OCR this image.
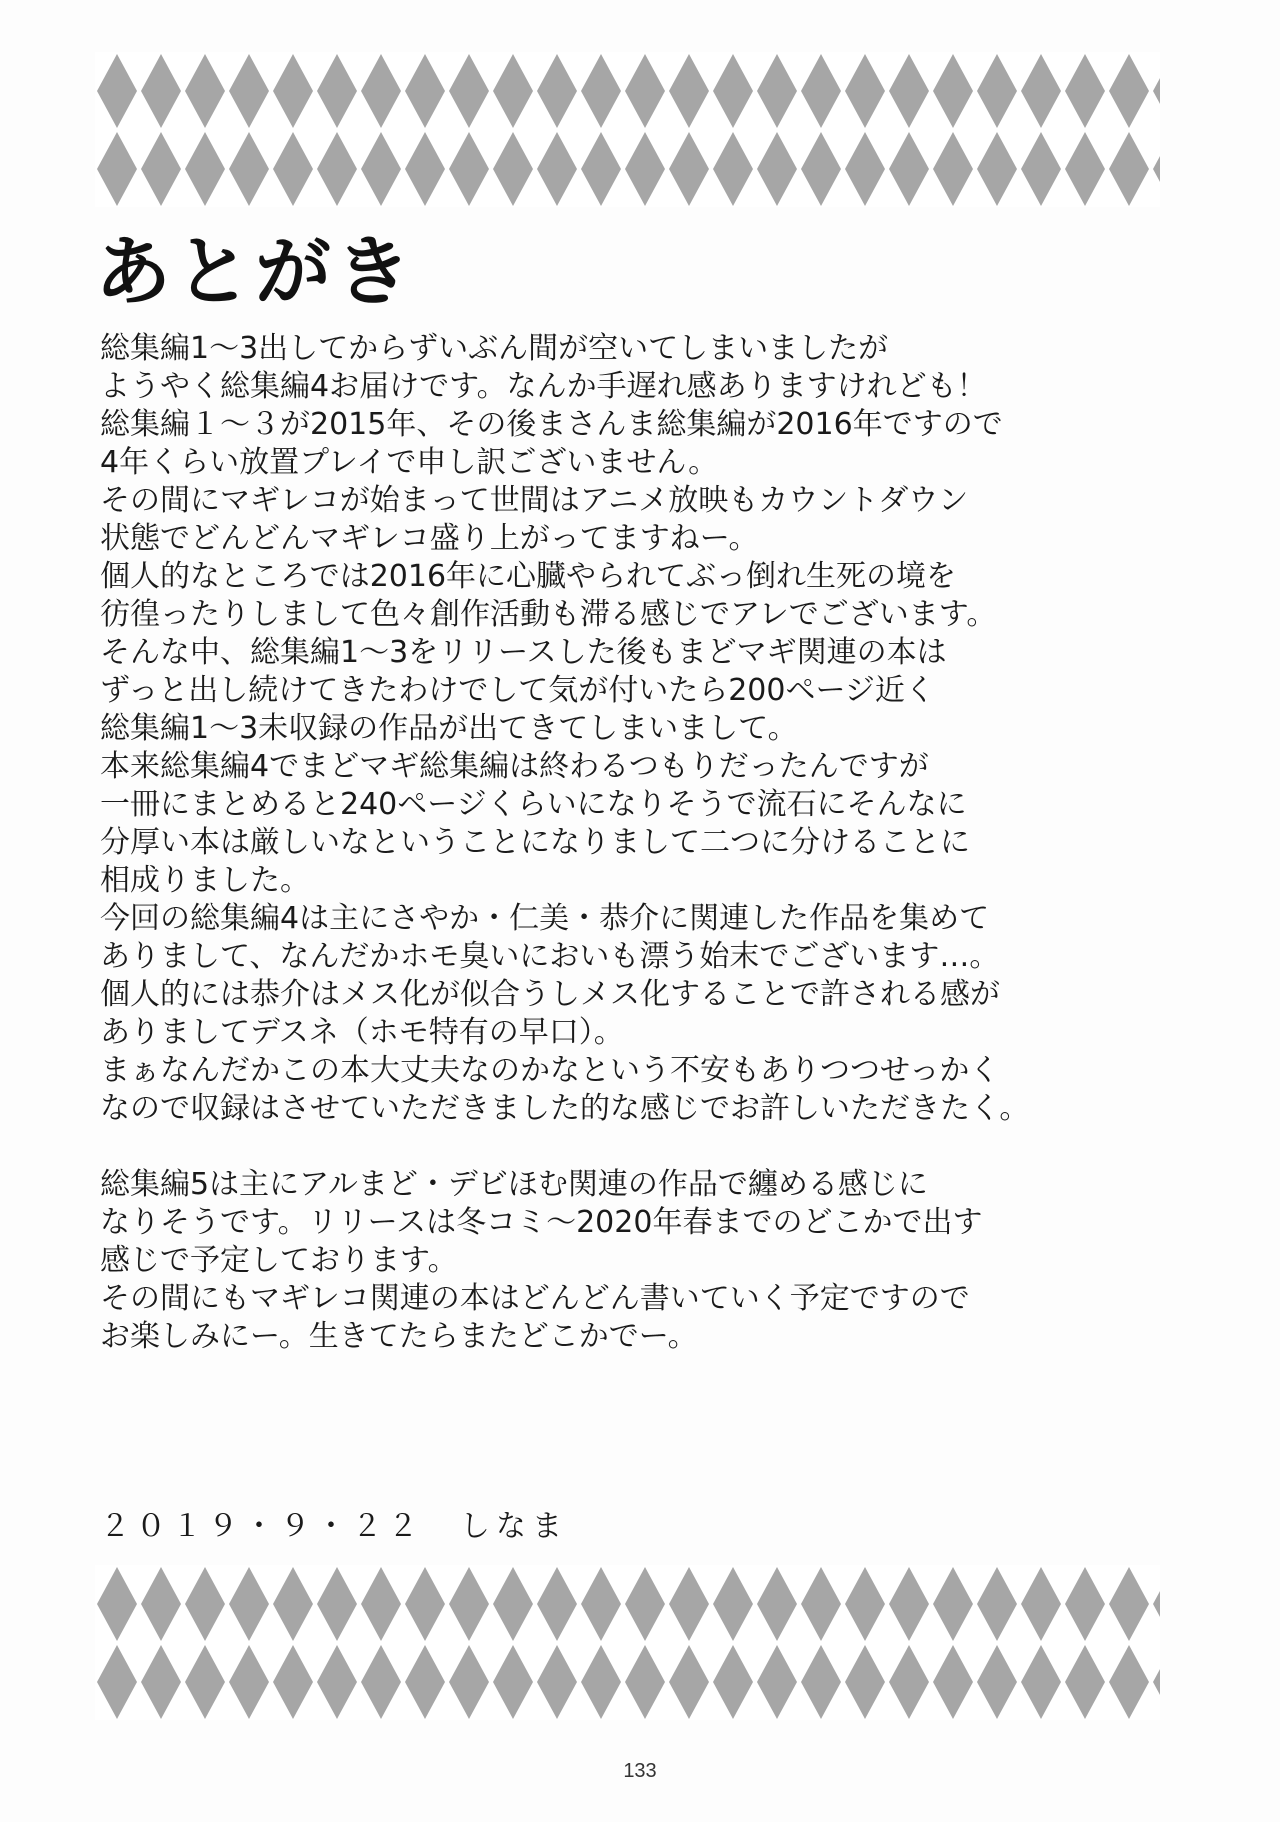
あとがき
総集編1～3出してからずいぶん間が空いてしまいましたが
ようやく総集編4お届けです。なんか手遅れ感ありますけれども！
総集編１～３が2015年、その後まさんま総集編が2016年ですので
4年くらい放置プレイで申し訳ございません。
その間にマギレコが始まって世間はアニメ放映もカウントダウン
状態でどんどんマギレコ盛り上がってますねー。
個人的なところでは2016年に心臓やられてぶっ倒れ生死の境を
彷徨ったりしまして色々創作活動も滞る感じでアレでございます。
そんな中、総集編1～3をリリースした後もまどマギ関連の本は
ずっと出し続けてきたわけでして気が付いたら200ページ近く
総集編1～3未収録の作品が出てきてしまいまして。
本来総集編4でまどマギ総集編は終わるつもりだったんですが
一冊にまとめると240ページくらいになりそうで流石にそんなに
分厚い本は厳しいなということになりまして二つに分けることに
相成りました。
今回の総集編4は主にさやか・仁美・恭介に関連した作品を集めて
ありまして、なんだかホモ臭いにおいも漂う始末でございます…。
個人的には恭介はメス化が似合うしメス化することで許される感が
ありましてデスネ（ホモ特有の早口）。
まぁなんだかこの本大丈夫なのかなという不安もありつつせっかく
なので収録はさせていただきました的な感じでお許しいただきたく。
総集編5は主にアルまど・デビほむ関連の作品で纏める感じに
なりそうです。リリースは冬コミ～2020年春までのどこかで出す
感じで予定しております。
その間にもマギレコ関連の本はどんどん書いていく予定ですので
お楽しみにー。生きてたらまたどこかでー。

２０１９・９・２２　しなま

133
